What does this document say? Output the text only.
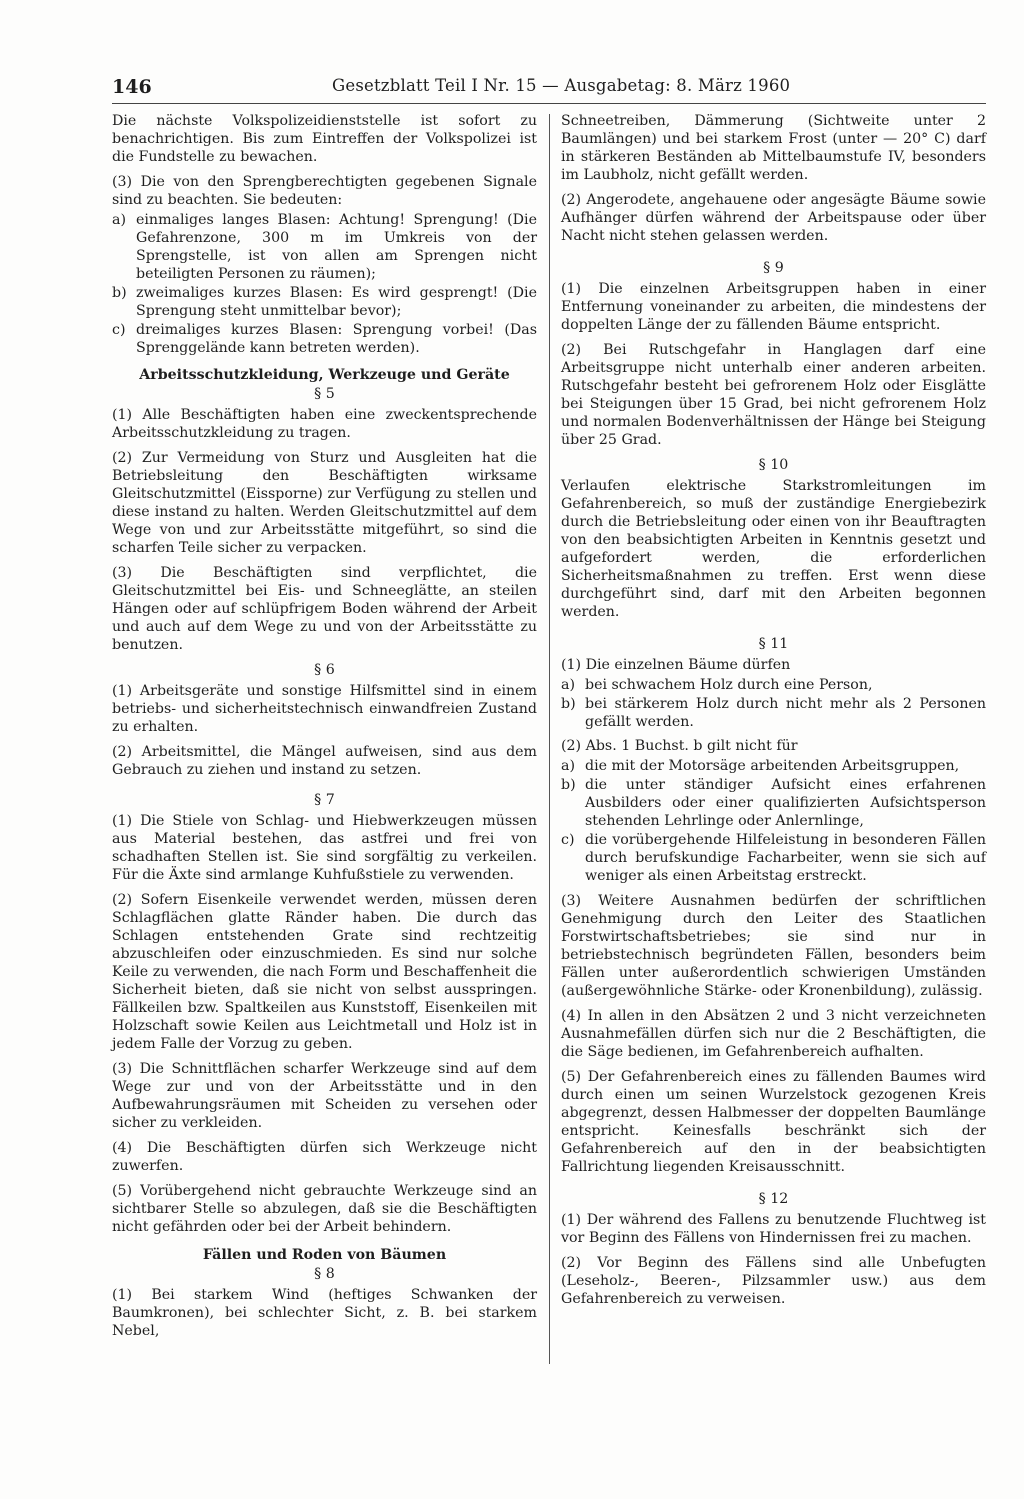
146	Gesetzblatt Teil I Nr. 15 — Ausgabetag: 8. März 1960

Die nächste Volkspolizeidienststelle ist sofort zu benachrichtigen. Bis zum Eintreffen der Volkspolizei ist die Fundstelle zu bewachen.

(3) Die von den Sprengberechtigten gegebenen Signale sind zu beachten. Sie bedeuten:

a) einmaliges langes Blasen: Achtung! Sprengung! (Die Gefahrenzone, 300 m im Umkreis von der Sprengstelle, ist von allen am Sprengen nicht beteiligten Personen zu räumen);
b) zweimaliges kurzes Blasen: Es wird gesprengt! (Die Sprengung steht unmittelbar bevor);
c) dreimaliges kurzes Blasen: Sprengung vorbei! (Das Sprenggelände kann betreten werden).
Arbeitsschutzkleidung, Werkzeuge und Geräte
§ 5

(1) Alle Beschäftigten haben eine zweckentsprechende Arbeitsschutzkleidung zu tragen.

(2) Zur Vermeidung von Sturz und Ausgleiten hat die Betriebsleitung den Beschäftigten wirksame Gleitschutzmittel (Eissporne) zur Verfügung zu stellen und diese instand zu halten. Werden Gleitschutzmittel auf dem Wege von und zur Arbeitsstätte mitgeführt, so sind die scharfen Teile sicher zu verpacken.

(3) Die Beschäftigten sind verpflichtet, die Gleitschutzmittel bei Eis- und Schneeglätte, an steilen Hängen oder auf schlüpfrigem Boden während der Arbeit und auch auf dem Wege zu und von der Arbeitsstätte zu benutzen.

§ 6

(1) Arbeitsgeräte und sonstige Hilfsmittel sind in einem betriebs- und sicherheitstechnisch einwandfreien Zustand zu erhalten.

(2) Arbeitsmittel, die Mängel aufweisen, sind aus dem Gebrauch zu ziehen und instand zu setzen.

§ 7

(1) Die Stiele von Schlag- und Hiebwerkzeugen müssen aus Material bestehen, das astfrei und frei von schadhaften Stellen ist. Sie sind sorgfältig zu verkeilen. Für die Äxte sind armlange Kuhfußstiele zu verwenden.

(2) Sofern Eisenkeile verwendet werden, müssen deren Schlagflächen glatte Ränder haben. Die durch das Schlagen entstehenden Grate sind rechtzeitig abzuschleifen oder einzuschmieden. Es sind nur solche Keile zu verwenden, die nach Form und Beschaffenheit die Sicherheit bieten, daß sie nicht von selbst ausspringen. Fällkeilen bzw. Spaltkeilen aus Kunststoff, Eisenkeilen mit Holzschaft sowie Keilen aus Leichtmetall und Holz ist in jedem Falle der Vorzug zu geben.

(3) Die Schnittflächen scharfer Werkzeuge sind auf dem Wege zur und von der Arbeitsstätte und in den Aufbewahrungsräumen mit Scheiden zu versehen oder sicher zu verkleiden.

(4) Die Beschäftigten dürfen sich Werkzeuge nicht zuwerfen.

(5) Vorübergehend nicht gebrauchte Werkzeuge sind an sichtbarer Stelle so abzulegen, daß sie die Beschäftigten nicht gefährden oder bei der Arbeit behindern.

Fällen und Roden von Bäumen
§ 8

(1) Bei starkem Wind (heftiges Schwanken der Baumkronen), bei schlechter Sicht, z. B. bei starkem Nebel,

Schneetreiben, Dämmerung (Sichtweite unter 2 Baumlängen) und bei starkem Frost (unter — 20° C) darf in stärkeren Beständen ab Mittelbaumstufe IV, besonders im Laubholz, nicht gefällt werden.

(2) Angerodete, angehauene oder angesägte Bäume sowie Aufhänger dürfen während der Arbeitspause oder über Nacht nicht stehen gelassen werden.

§ 9

(1) Die einzelnen Arbeitsgruppen haben in einer Entfernung voneinander zu arbeiten, die mindestens der doppelten Länge der zu fällenden Bäume entspricht.

(2) Bei Rutschgefahr in Hanglagen darf eine Arbeitsgruppe nicht unterhalb einer anderen arbeiten. Rutschgefahr besteht bei gefrorenem Holz oder Eisglätte bei Steigungen über 15 Grad, bei nicht gefrorenem Holz und normalen Bodenverhältnissen der Hänge bei Steigung über 25 Grad.

§ 10

Verlaufen elektrische Starkstromleitungen im Gefahrenbereich, so muß der zuständige Energiebezirk durch die Betriebsleitung oder einen von ihr Beauftragten von den beabsichtigten Arbeiten in Kenntnis gesetzt und aufgefordert werden, die erforderlichen Sicherheitsmaßnahmen zu treffen. Erst wenn diese durchgeführt sind, darf mit den Arbeiten begonnen werden.

§ 11

(1) Die einzelnen Bäume dürfen

a) bei schwachem Holz durch eine Person,
b) bei stärkerem Holz durch nicht mehr als 2 Personen gefällt werden.

(2) Abs. 1 Buchst. b gilt nicht für

a) die mit der Motorsäge arbeitenden Arbeitsgruppen,
b) die unter ständiger Aufsicht eines erfahrenen Ausbilders oder einer qualifizierten Aufsichtsperson stehenden Lehrlinge oder Anlernlinge,
c) die vorübergehende Hilfeleistung in besonderen Fällen durch berufskundige Facharbeiter, wenn sie sich auf weniger als einen Arbeitstag erstreckt.

(3) Weitere Ausnahmen bedürfen der schriftlichen Genehmigung durch den Leiter des Staatlichen Forstwirtschaftsbetriebes; sie sind nur in betriebstechnisch begründeten Fällen, besonders beim Fällen unter außerordentlich schwierigen Umständen (außergewöhnliche Stärke- oder Kronenbildung), zulässig.

(4) In allen in den Absätzen 2 und 3 nicht verzeichneten Ausnahmefällen dürfen sich nur die 2 Beschäftigten, die die Säge bedienen, im Gefahrenbereich aufhalten.

(5) Der Gefahrenbereich eines zu fällenden Baumes wird durch einen um seinen Wurzelstock gezogenen Kreis abgegrenzt, dessen Halbmesser der doppelten Baumlänge entspricht. Keinesfalls beschränkt sich der Gefahrenbereich auf den in der beabsichtigten Fallrichtung liegenden Kreisausschnitt.

§ 12

(1) Der während des Fallens zu benutzende Fluchtweg ist vor Beginn des Fällens von Hindernissen frei zu machen.

(2) Vor Beginn des Fällens sind alle Unbefugten (Leseholz-, Beeren-, Pilzsammler usw.) aus dem Gefahrenbereich zu verweisen.
